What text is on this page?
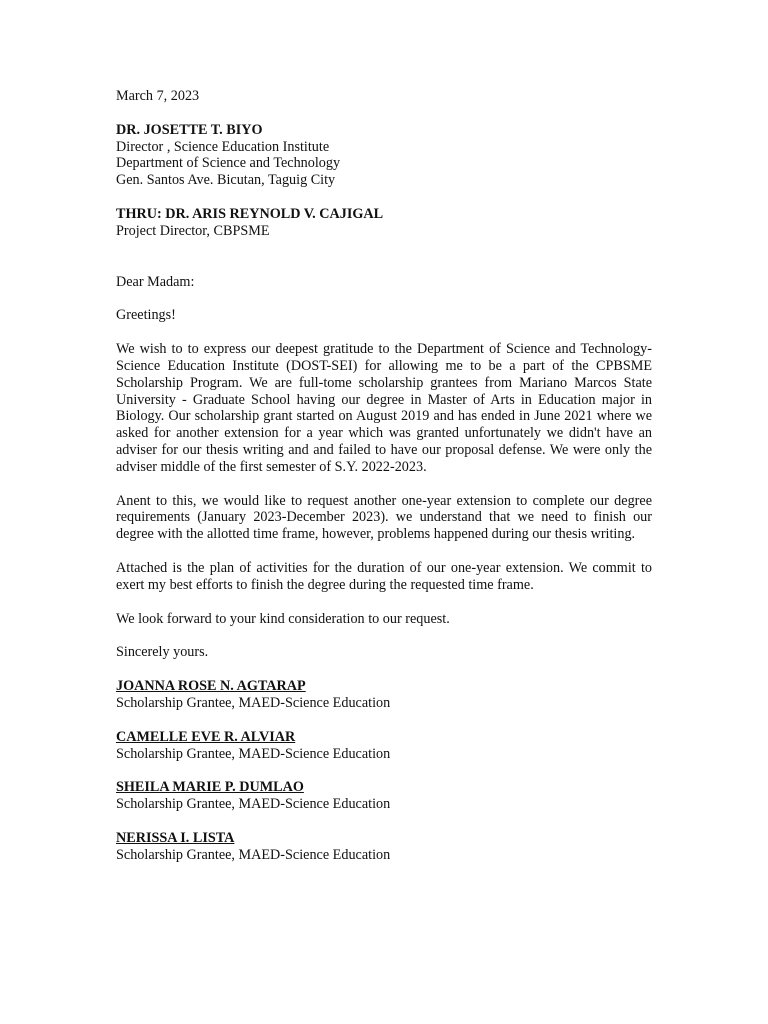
March 7, 2023
DR. JOSETTE T. BIYO
Director , Science Education Institute
Department of Science and Technology
Gen. Santos Ave. Bicutan, Taguig City
THRU: DR. ARIS REYNOLD V. CAJIGAL
Project Director, CBPSME
Dear Madam:
Greetings!

We wish to to express our deepest gratitude to the Department of Science and Technology-Science Education Institute (DOST-SEI) for allowing me to be a part of the CPBSME Scholarship Program. We are full-tome scholarship grantees from Mariano Marcos State University - Graduate School having our degree in Master of Arts in Education major in Biology. Our scholarship grant started on August 2019 and has ended in June 2021 where we asked for another extension for a year which was granted unfortunately we didn't have an adviser for our thesis writing and and failed to have our proposal defense. We were only the adviser middle of the first semester of S.Y. 2022-2023.

Anent to this, we would like to request another one-year extension to complete our degree requirements (January 2023-December 2023). we understand that we need to finish our degree with the allotted time frame, however, problems happened during our thesis writing.

Attached is the plan of activities for the duration of our one-year extension. We commit to exert my best efforts to finish the degree during the requested time frame.

We look forward to your kind consideration to our request.

Sincerely yours.
JOANNA ROSE N. AGTARAP
Scholarship Grantee, MAED-Science Education
CAMELLE EVE R. ALVIAR
Scholarship Grantee, MAED-Science Education
SHEILA MARIE P. DUMLAO
Scholarship Grantee, MAED-Science Education
NERISSA I. LISTA
Scholarship Grantee, MAED-Science Education
